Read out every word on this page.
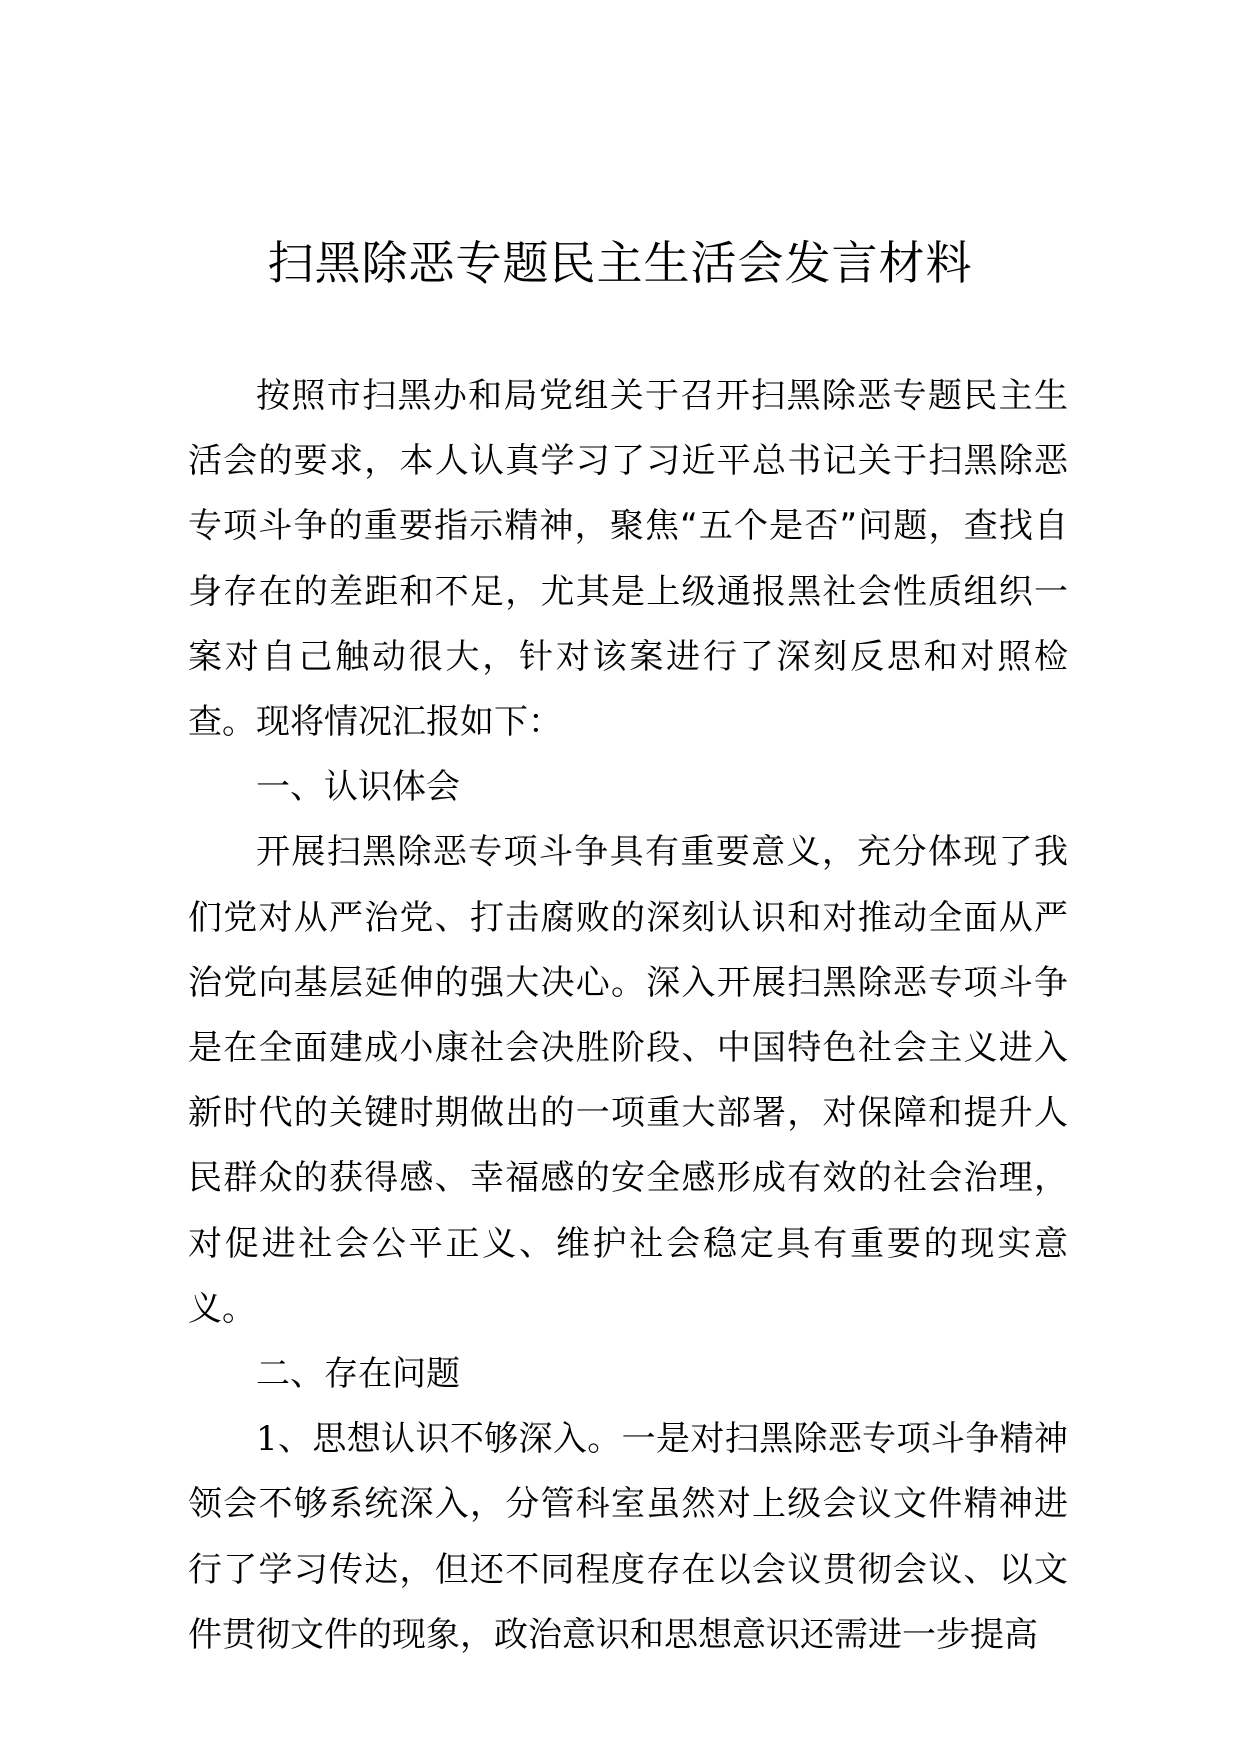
扫黑除恶专题民主生活会发言材料

按照市扫黑办和局党组关于召开扫黑除恶专题民主生活会的要求，本人认真学习了习近平总书记关于扫黑除恶专项斗争的重要指示精神，聚焦“五个是否”问题，查找自身存在的差距和不足，尤其是上级通报黑社会性质组织一案对自己触动很大，针对该案进行了深刻反思和对照检查。现将情况汇报如下：

一、认识体会

开展扫黑除恶专项斗争具有重要意义，充分体现了我们党对从严治党、打击腐败的深刻认识和对推动全面从严治党向基层延伸的强大决心。深入开展扫黑除恶专项斗争是在全面建成小康社会决胜阶段、中国特色社会主义进入新时代的关键时期做出的一项重大部署，对保障和提升人民群众的获得感、幸福感的安全感形成有效的社会治理，对促进社会公平正义、维护社会稳定具有重要的现实意义。

二、存在问题

1、思想认识不够深入。一是对扫黑除恶专项斗争精神领会不够系统深入，分管科室虽然对上级会议文件精神进行了学习传达，但还不同程度存在以会议贯彻会议、以文件贯彻文件的现象，政治意识和思想意识还需进一步提高
